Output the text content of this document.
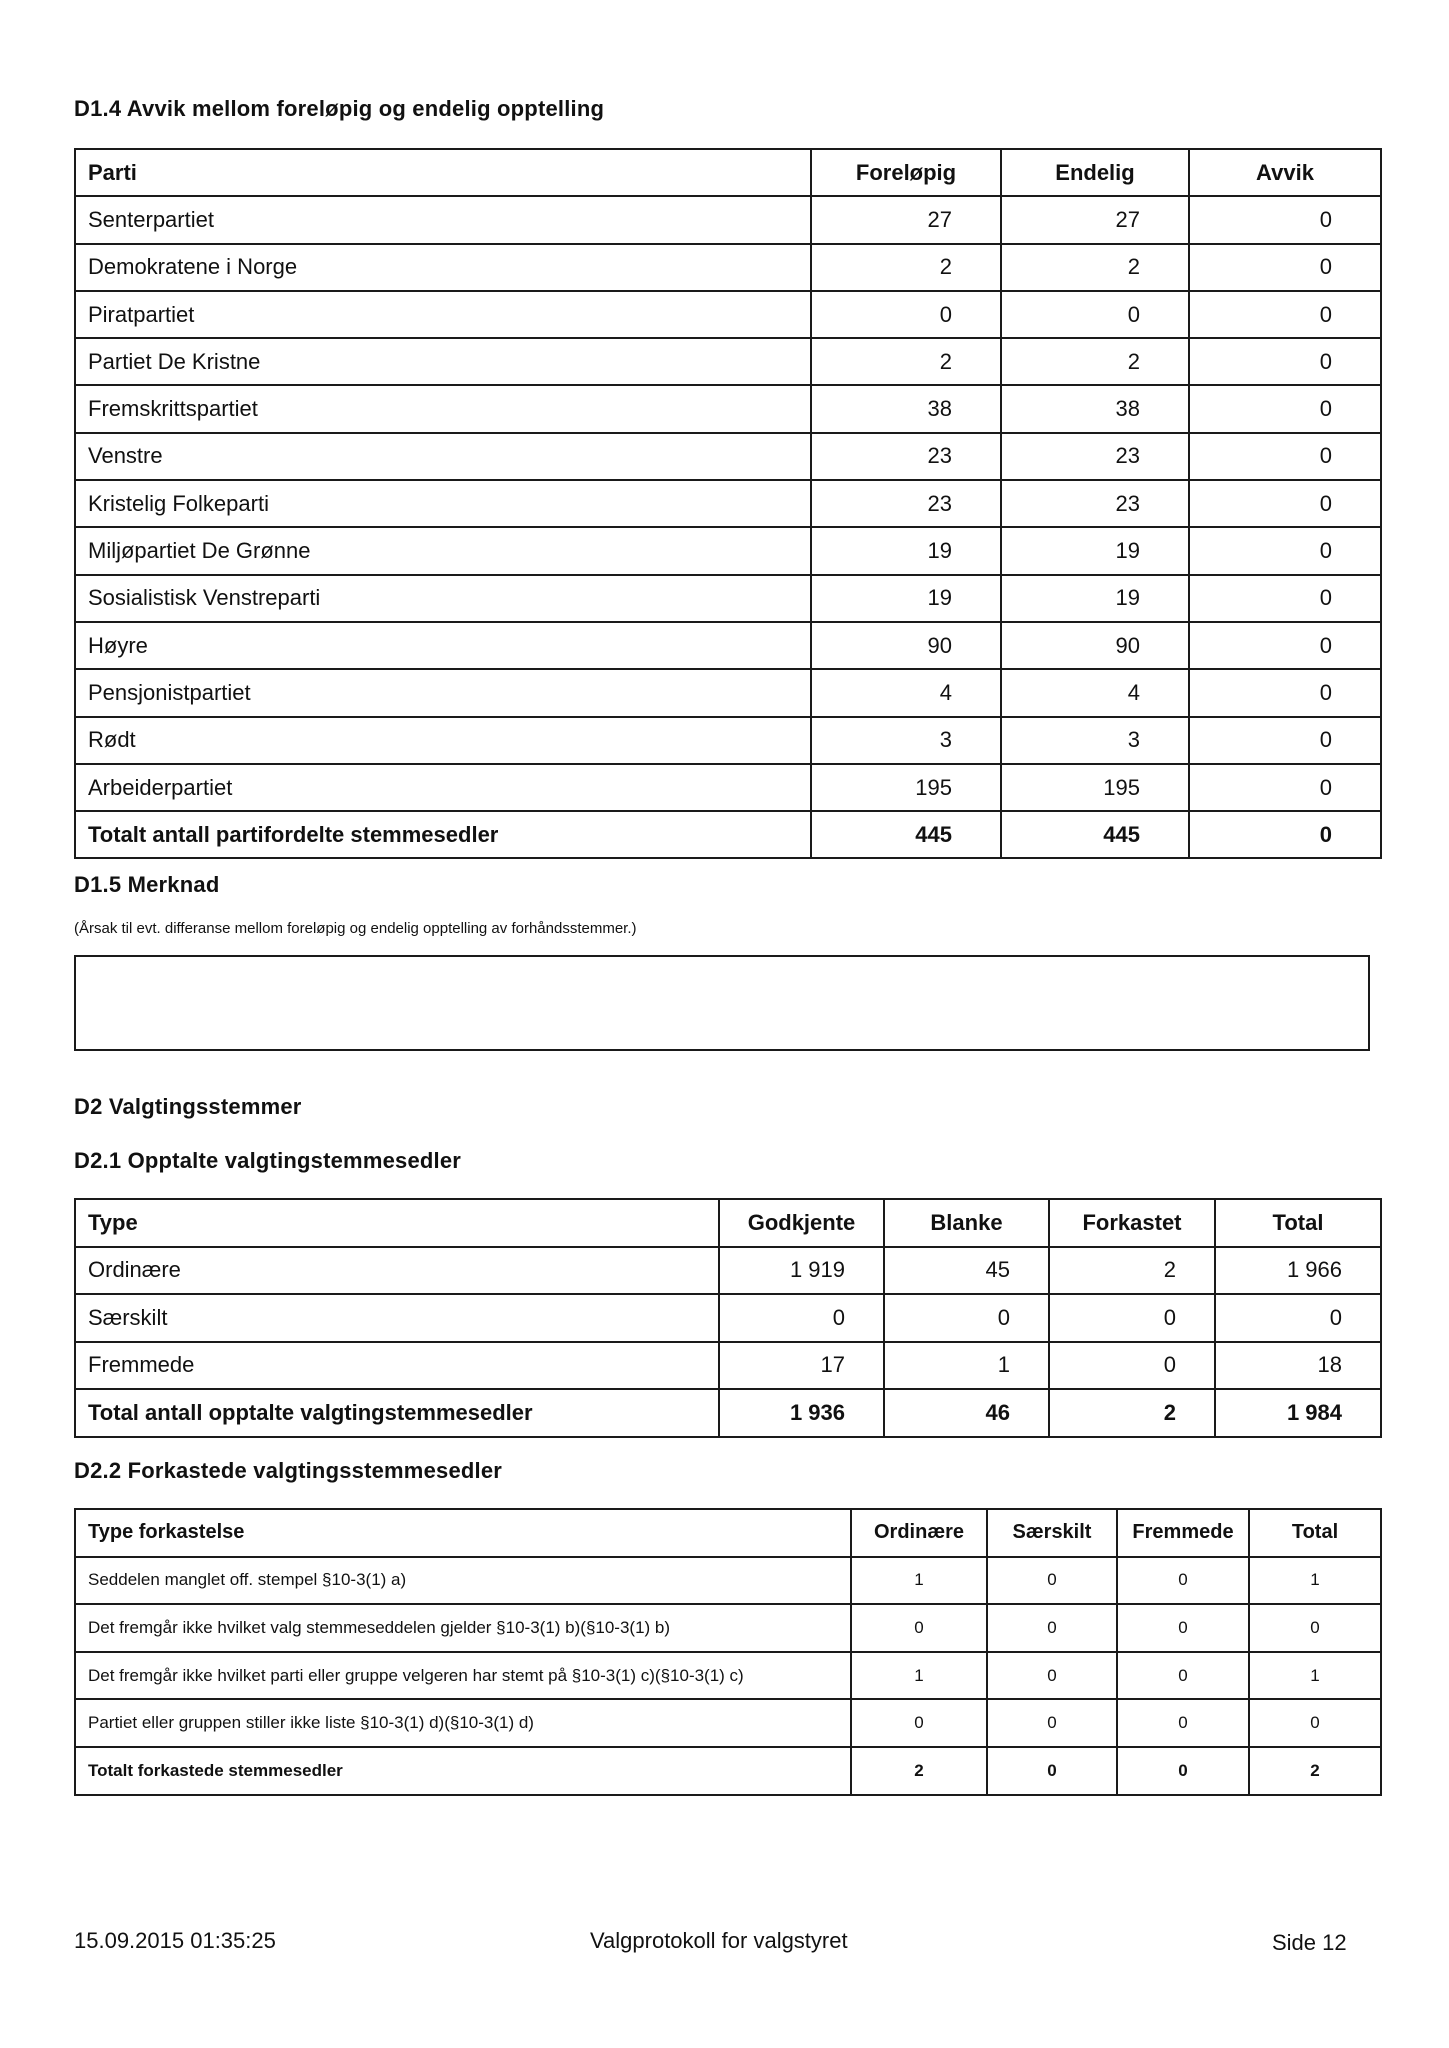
D1.4 Avvik mellom foreløpig og endelig opptelling
Parti	Foreløpig	Endelig	Avvik
Senterpartiet	27	27	0
Demokratene i Norge	2	2	0
Piratpartiet	0	0	0
Partiet De Kristne	2	2	0
Fremskrittspartiet	38	38	0
Venstre	23	23	0
Kristelig Folkeparti	23	23	0
Miljøpartiet De Grønne	19	19	0
Sosialistisk Venstreparti	19	19	0
Høyre	90	90	0
Pensjonistpartiet	4	4	0
Rødt	3	3	0
Arbeiderpartiet	195	195	0
Totalt antall partifordelte stemmesedler	445	445	0
D1.5 Merknad
(Årsak til evt. differanse mellom foreløpig og endelig opptelling av forhåndsstemmer.)
D2 Valgtingsstemmer
D2.1 Opptalte valgtingstemmesedler
Type	Godkjente	Blanke	Forkastet	Total
Ordinære	1 919	45	2	1 966
Særskilt	0	0	0	0
Fremmede	17	1	0	18
Total antall opptalte valgtingstemmesedler	1 936	46	2	1 984
D2.2 Forkastede valgtingsstemmesedler
Type forkastelse	Ordinære	Særskilt	Fremmede	Total
Seddelen manglet off. stempel §10-3(1) a)	1	0	0	1
Det fremgår ikke hvilket valg stemmeseddelen gjelder §10-3(1) b)(§10-3(1) b)	0	0	0	0
Det fremgår ikke hvilket parti eller gruppe velgeren har stemt på §10-3(1) c)(§10-3(1) c)	1	0	0	1
Partiet eller gruppen stiller ikke liste §10-3(1) d)(§10-3(1) d)	0	0	0	0
Totalt forkastede stemmesedler	2	0	0	2
15.09.2015 01:35:25	Valgprotokoll for valgstyret	Side 12
